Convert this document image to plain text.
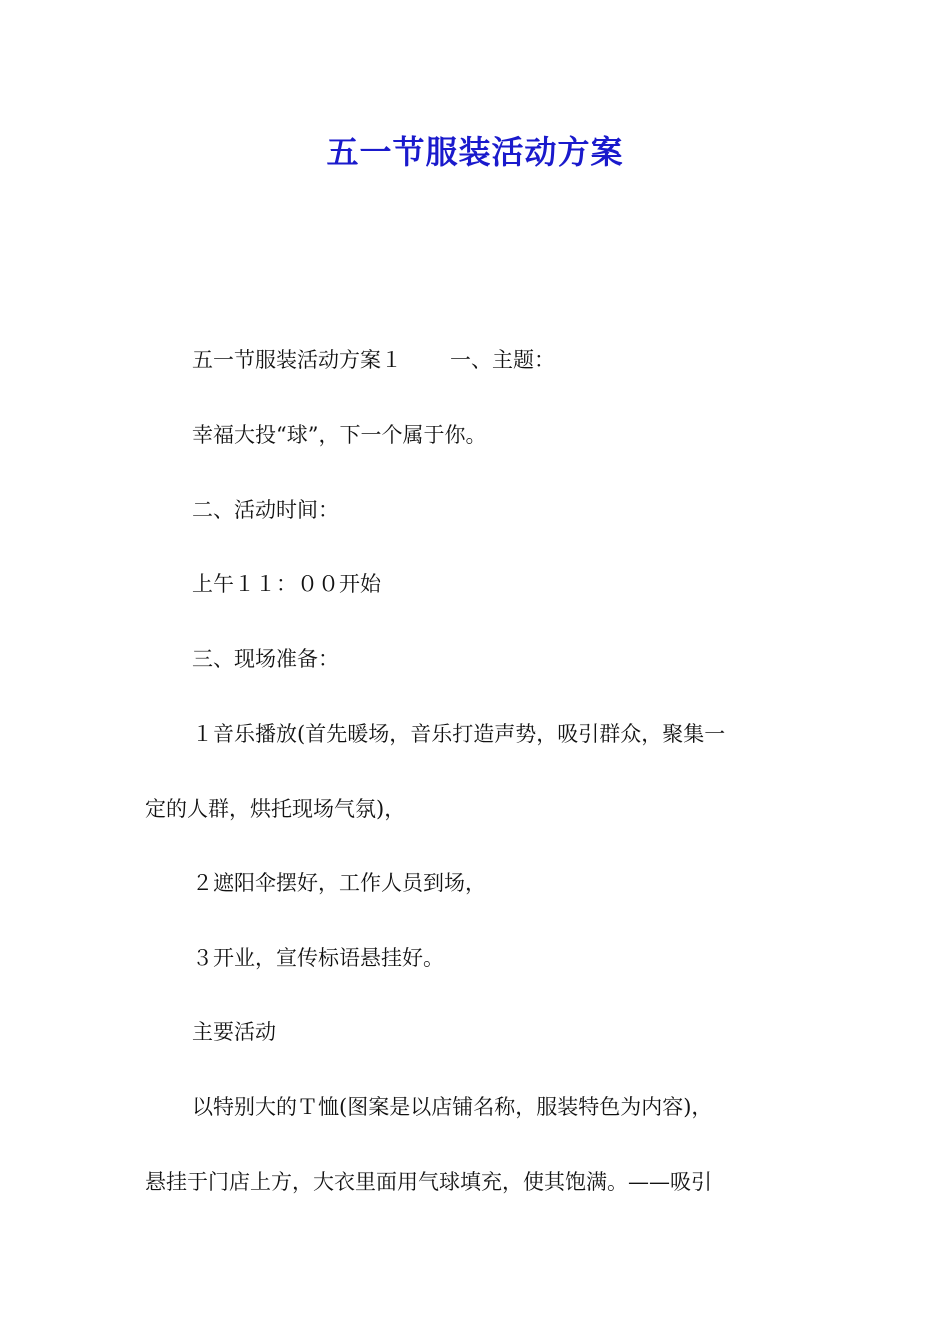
五一节服装活动方案
五一节服装活动方案１ 一、主题：
幸福大投“球”，下一个属于你。
二、活动时间：
上午１１：００开始
三、现场准备：
１音乐播放(首先暖场，音乐打造声势，吸引群众，聚集一
定的人群，烘托现场气氛)，
２遮阳伞摆好，工作人员到场，
３开业，宣传标语悬挂好。
主要活动
以特别大的Ｔ恤(图案是以店铺名称，服装特色为内容)，
悬挂于门店上方，大衣里面用气球填充，使其饱满。——吸引
